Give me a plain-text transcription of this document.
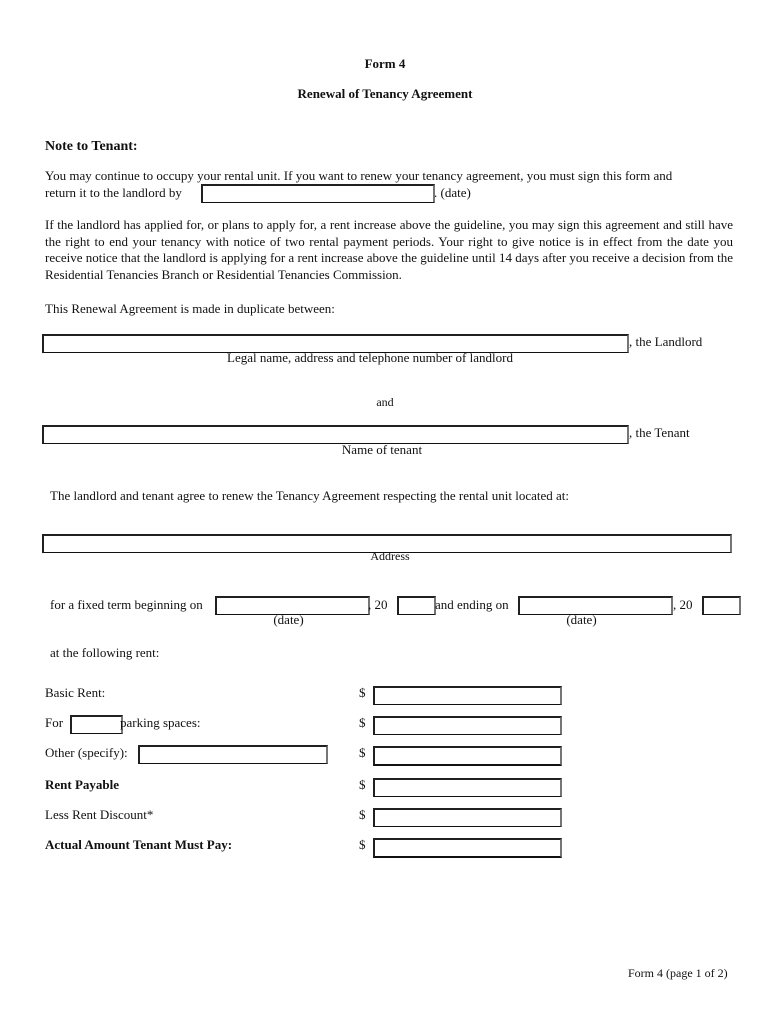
Form 4
Renewal of Tenancy Agreement
Note to Tenant:
You may continue to occupy your rental unit. If you want to renew your tenancy agreement, you must sign this form and
return it to the landlord by	. (date)
If the landlord has applied for, or plans to apply for, a rent increase above the guideline, you may sign this agreement and still have the right to end your tenancy with notice of two rental payment periods. Your right to give notice is in effect from the date you receive notice that the landlord is applying for a rent increase above the guideline until 14 days after you receive a decision from the Residential Tenancies Branch or Residential Tenancies Commission.
This Renewal Agreement is made in duplicate between:
, the Landlord
Legal name, address and telephone number of landlord
and
, the Tenant
Name of tenant
The landlord and tenant agree to renew the Tenancy Agreement respecting the rental unit located at:
Address
for a fixed term beginning on	, 20	and ending on	, 20
(date)	(date)
at the following rent:
Basic Rent:	$
For	parking spaces:	$
Other (specify):	$
Rent Payable	$
Less Rent Discount*	$
Actual Amount Tenant Must Pay:	$
Form 4 (page 1 of 2)
